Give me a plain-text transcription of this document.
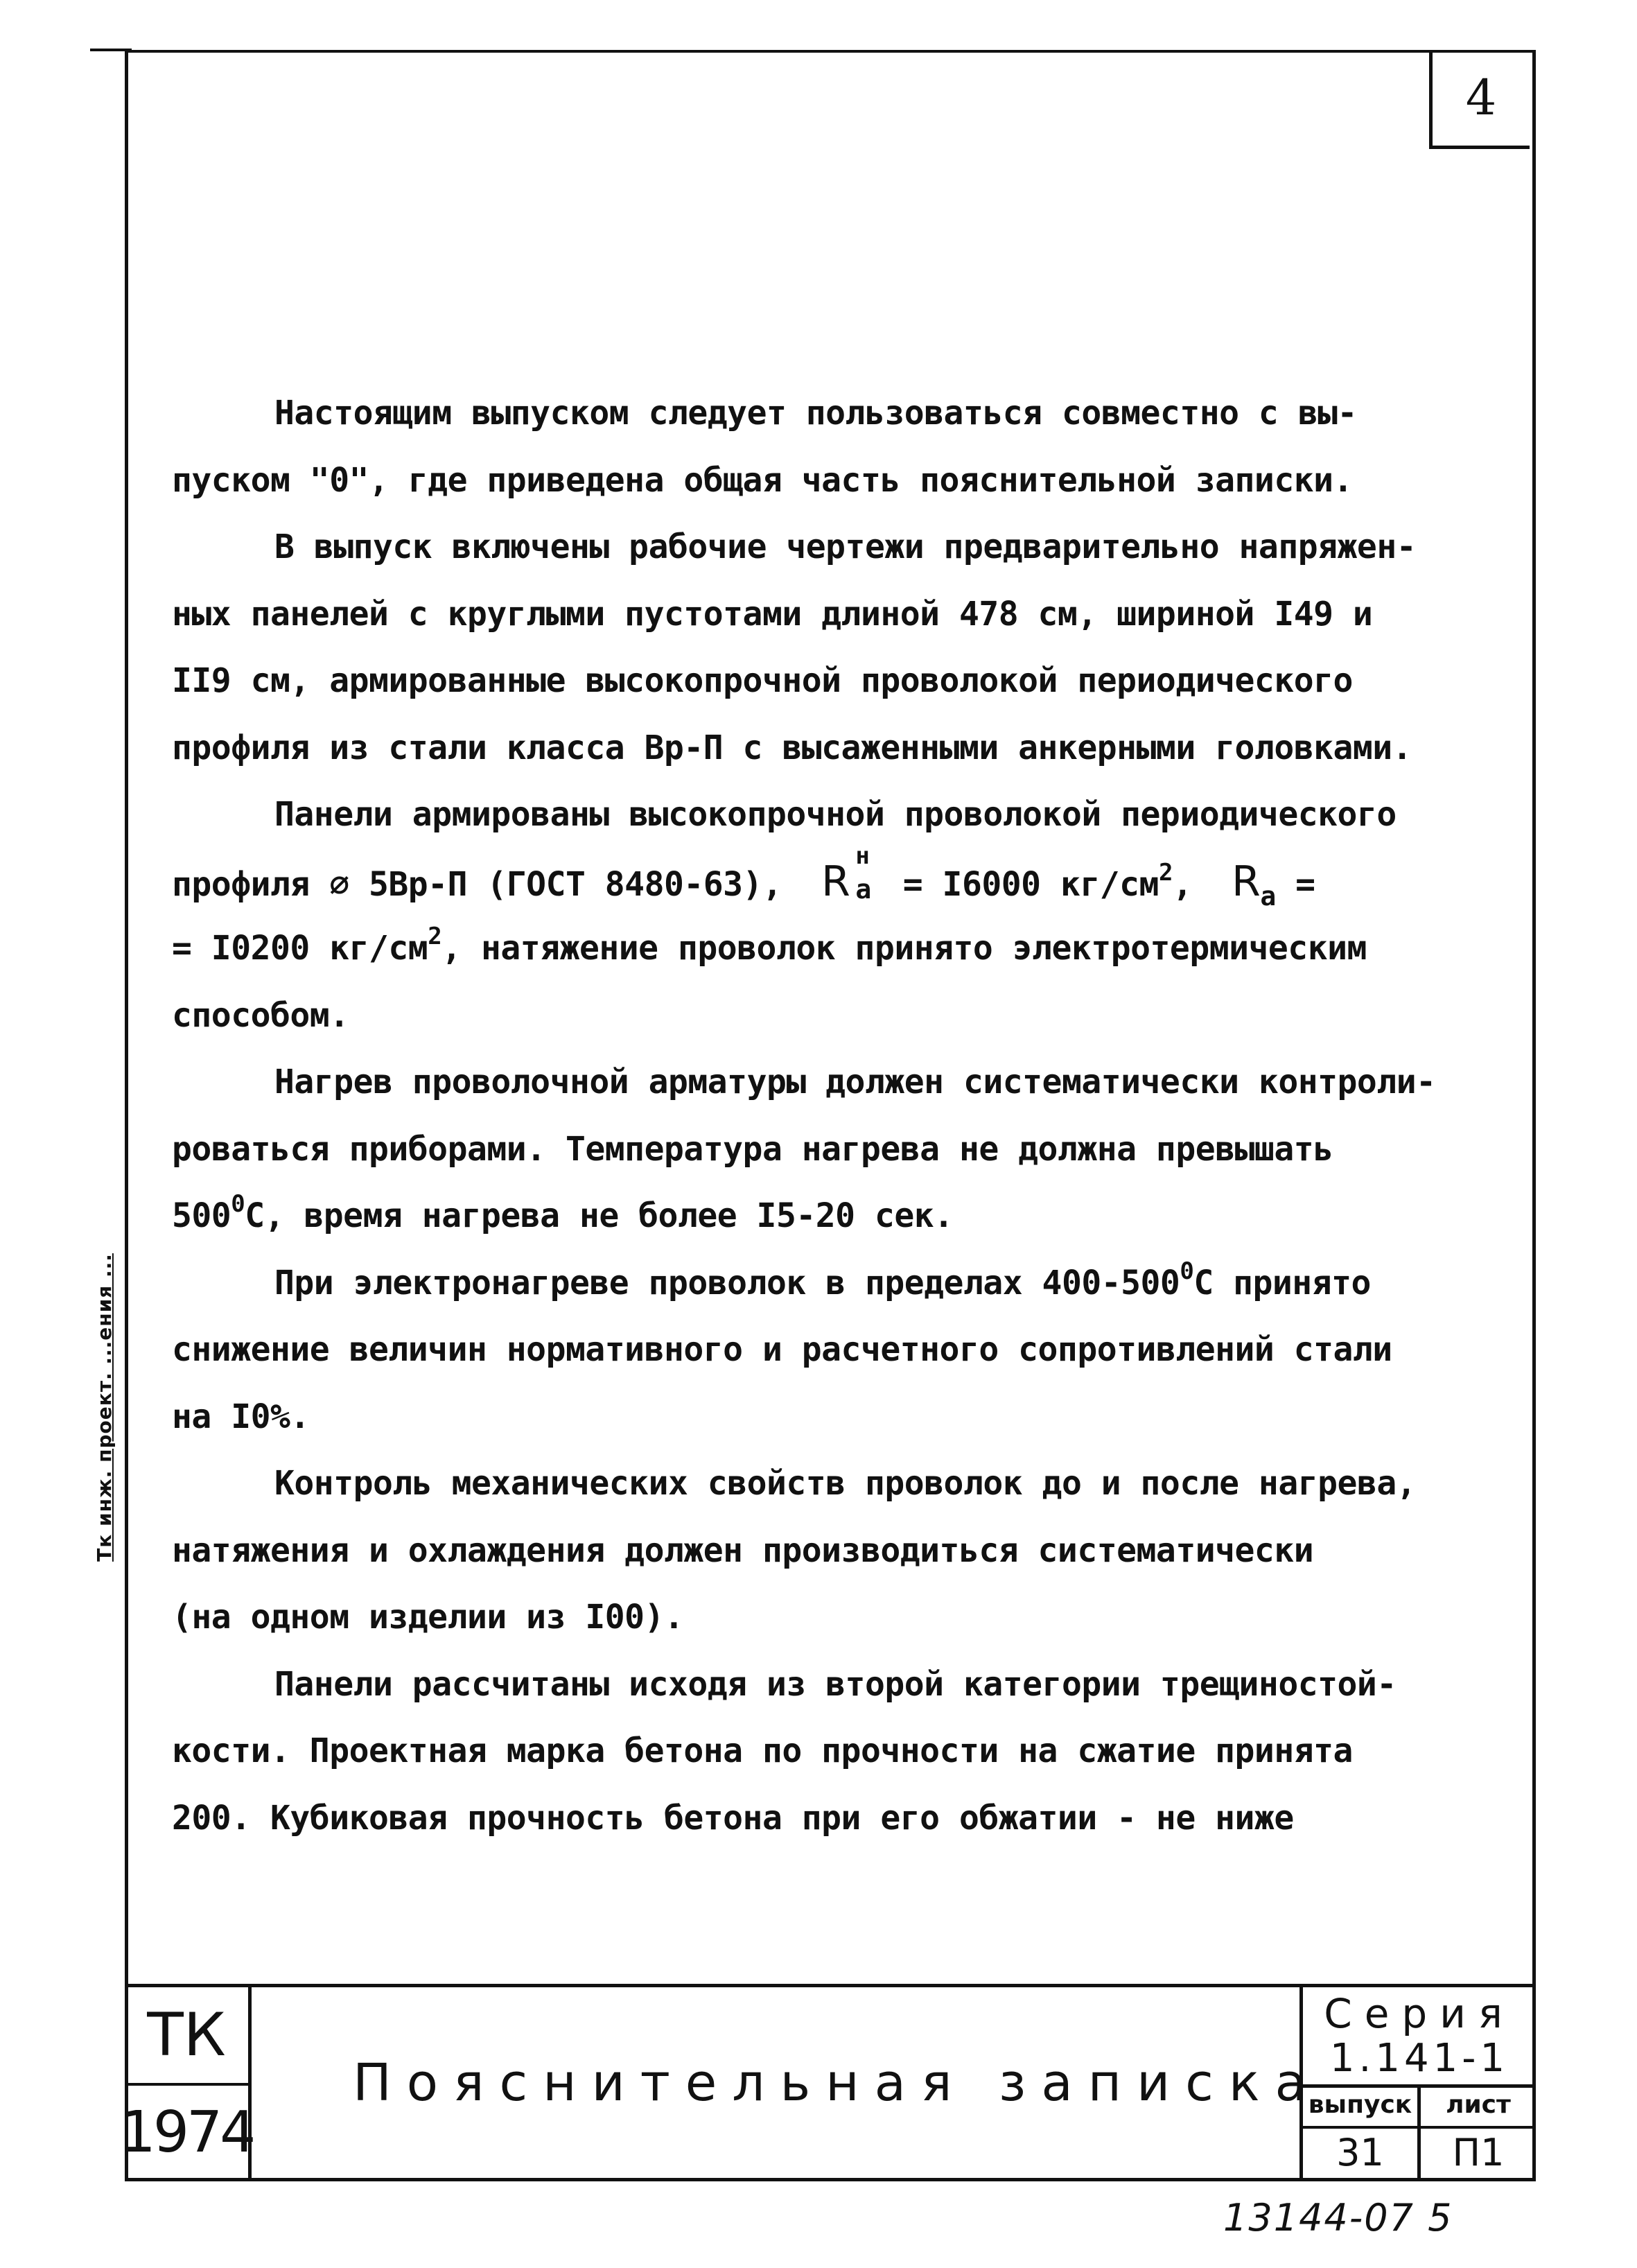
4
Тк инж. проект. ...ения ...
Настоящим выпуском следует пользоваться совместно с вы-
пуском "0", где приведена общая часть пояснительной записки.
В выпуск включены рабочие чертежи предварительно напряжен-
ных панелей с круглыми пустотами длиной 478 см, шириной I49 и
II9 см, армированные высокопрочной проволокой периодического
профиля из стали класса Вр-П с высаженными анкерными головками.
Панели армированы высокопрочной проволокой периодического
профиля ∅ 5Вр-П (ГОСТ 8480-63),  R
н
а = I6000 $кг/см^2$,  $R_а$ =
= I0200 $кг/см^2$, натяжение проволок принято электротермическим
способом.
Нагрев проволочной арматуры должен систематически контроли-
роваться приборами. Температура нагрева не должна превышать
$500^0С$, время нагрева не более I5-20 сек.
При электронагреве проволок в пределах $400-500^0С$ принято
снижение величин нормативного и расчетного сопротивлений стали
на I0%.
Контроль механических свойств проволок до и после нагрева,
натяжения и охлаждения должен производиться систематически
(на одном изделии из I00).
Панели рассчитаны исходя из второй категории трещиностой-
кости. Проектная марка бетона по прочности на сжатие принята
200. Кубиковая прочность бетона при его обжатии - не ниже
ТК
1974
Пояснительная записка
Серия
1.141-1
выпуск
31
лист
П1
13144-07 5
